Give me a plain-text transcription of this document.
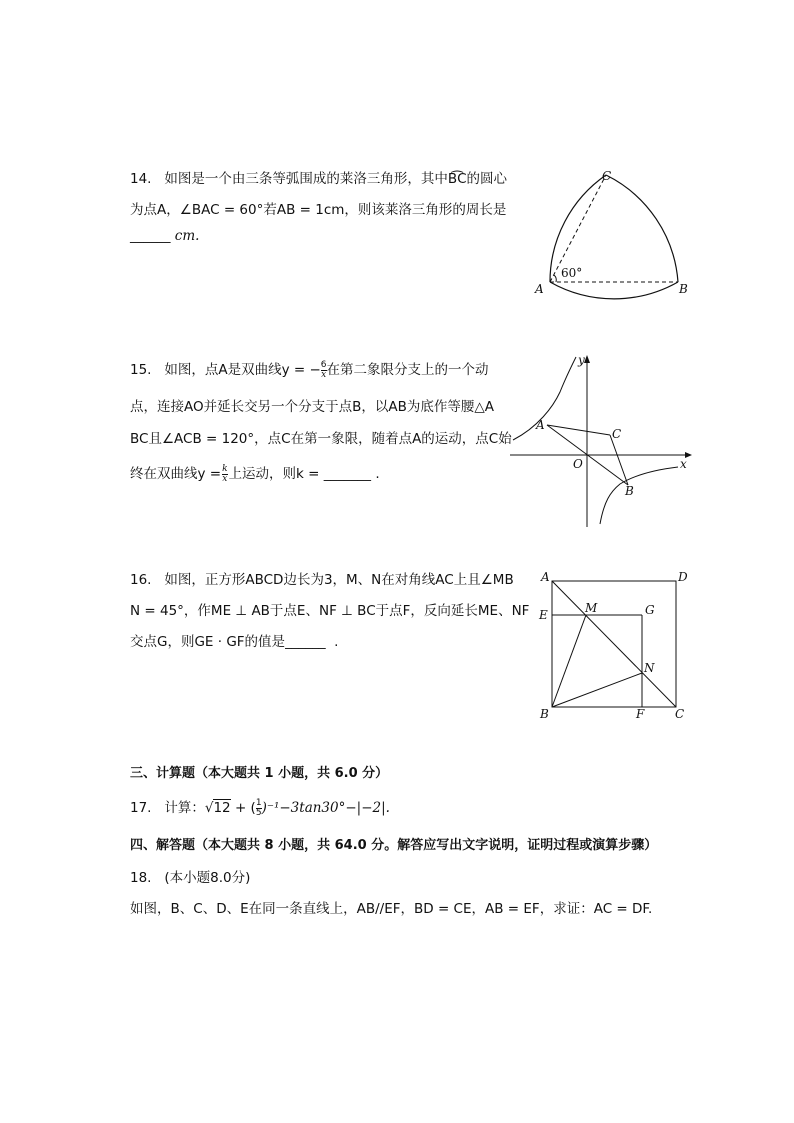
14. 如图是一个由三条等弧围成的莱洛三角形，其中B͡C的圆心
为点A，∠BAC = 60°若AB = 1cm，则该莱洛三角形的周长是
______ cm.
60°
A	B
C
15. 如图，点A是双曲线y = − $\frac{6}{x}$ 在第二象限分支上的一个动
点，连接AO并延长交另一个分支于点B，以AB为底作等腰△A
BC且∠ACB = 120°，点C在第一象限，随着点A的运动，点C始
终在双曲线$y = \frac{k}{x}$ 上运动，则k = _______ .
y
x
O
A
B
C
16. 如图，正方形ABCD边长为3，M、N在对角线AC上且∠MB
N = 45°，作ME ⊥ AB于点E、NF ⊥ BC于点F，反向延长ME、NF
交点G，则GE · GF的值是______ .
A	D
E	M	G
N
B	F	C
三、计算题（本大题共 1 小题，共 6.0 分）
17. 计算：√12 + ( $\frac{1}{5} )^{-1}-3\tan 30^\circ-|-2|$.
四、解答题（本大题共 8 小题，共 64.0 分。解答应写出文字说明，证明过程或演算步骤）
18. (本小题8.0分)
如图，B、C、D、E在同一条直线上，AB//EF，BD = CE，AB = EF，求证：AC = DF.
